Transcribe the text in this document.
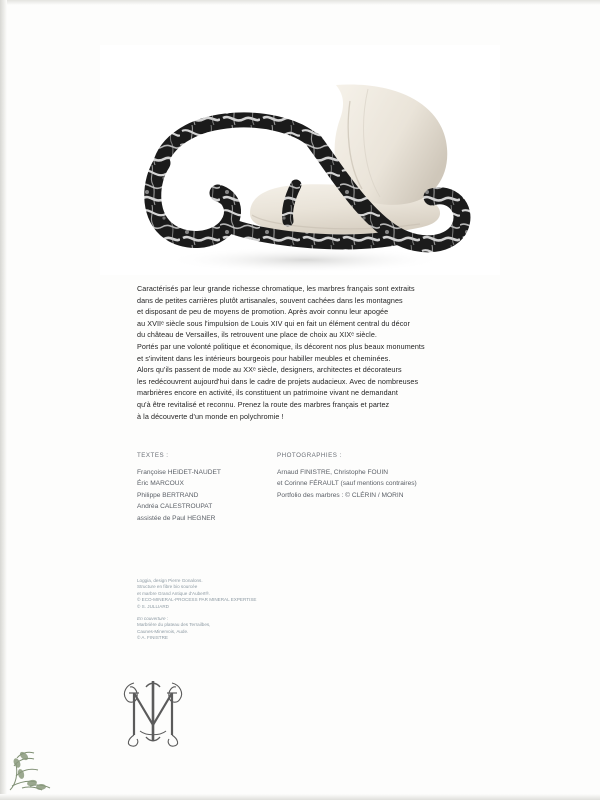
Caractérisés par leur grande richesse chromatique, les marbres français sont extraits

dans de petites carrières plutôt artisanales, souvent cachées dans les montagnes

et disposant de peu de moyens de promotion. Après avoir connu leur apogée

au XVIIᵉ siècle sous l'impulsion de Louis XIV qui en fait un élément central du décor

du château de Versailles, ils retrouvent une place de choix au XIXᵉ siècle.

Portés par une volonté politique et économique, ils décorent nos plus beaux monuments

et s'invitent dans les intérieurs bourgeois pour habiller meubles et cheminées.

Alors qu'ils passent de mode au XXᵉ siècle, designers, architectes et décorateurs

les redécouvrent aujourd'hui dans le cadre de projets audacieux. Avec de nombreuses

marbrières encore en activité, ils constituent un patrimoine vivant ne demandant

qu'à être revitalisé et reconnu. Prenez la route des marbres français et partez

à la découverte d'un monde en polychromie !

TEXTES :
Françoise HEIDET-NAUDET
Éric MARCOUX
Philippe BERTRAND
Andréa CALESTROUPAT
assistée de Paul HEGNER
PHOTOGRAPHIES :
Arnaud FINISTRE, Christophe FOUIN
et Corinne FÉRAULT (sauf mentions contraires)
Portfolio des marbres : © CLÉRIN / MORIN
Loggia, design Pierre Gonalons.
Structure en fibre bio sourcée
et marbre Grand Antique d'Aubert®.
© ECO-MINERAL-PROCESS PAR MINERAL EXPERTISE
© S. JULLIARD
En couverture :
Marbrière du plateau des Terrailbes,
Caunes-Minervois, Aude.
© A. FINISTRE
